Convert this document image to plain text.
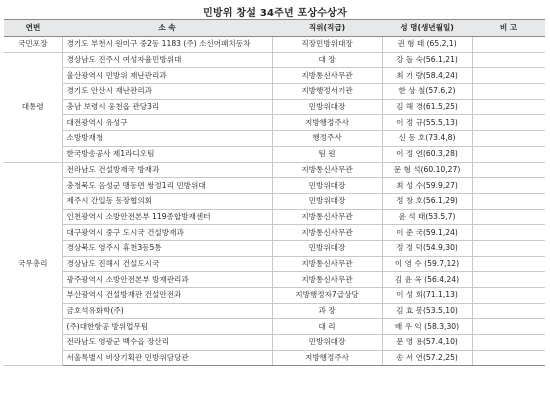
민방위 창설 34주년 포상수상자
연번	소 속	직위(직급)	성 명(생년월일)	비 고
국민포장	경기도 부천시 원미구 중2동 1183 (주) 소신어패치동차	직장민방위대장	권 형 태 (65.2,1)	
대통령	경상남도 진주시 여성자율민방위대	대 장	강 돌 숙(56.1,21)	
	울산광역시 민방위 재난관리과	지방통신사무관	최 기 량(58.4,24)	
	경기도 안산시 재난관리과	지방행정서기관	한 상 철(57.6,2)	
	충남 보령시 웅천읍 관당3리	민방위대장	김 해 경(61.5,25)	
	대전광역시 유성구	지방행정주사	이 정 규(55.5,13)	
	소방방재청	행정주사	신 동 호(73.4,8)	
	한국방송공사 제1라디오팀	팀 원	이 정 연(60.3,28)	
국무총리	전라남도 건설방재국 방재과	지방통신사무관	문 형 석(60.10,27)	
	충청북도 음성군 맹동면 쌍정1리 민방위대	민방위대장	최 성 수(59.9,27)	
	제주시 간입동 동장협의회	민방위대장	정 창 호(56.1,29)	
	인천광역시 소방안전본부 119종합방재센터	지방통신사무관	윤 석 태(53.5,7)	
	대구광역시 중구 도시국 건설방재과	지방통신사무관	이 준 국(59.1,24)	
	경상북도 영주시 휴천3동5통	민방위대장	정 정 덕(54.9,30)	
	경상남도 진해시 건설도시국	지방통신사무관	이 영 수 (59.7,12)	
	광주광역시 소방안전본부 방재관리과	지방통신사무관	김 윤 옥 (56.4,24)	
	부산광역시 건설방재관 건설안전과	지방행정자7급상당	이 성 희(71.1,13)	
	금호석유화학(주)	과 장	김 효 봉(53.5,10)	
	(주)대한항공 방위업무팀	대 리	배 우 익 (58.3,30)	
	전라남도 영광군 백수읍 장산리	민방위대장	문 영 용(57.4,10)	
	서울특별시 비상기획관 민방위담당관	지방행정주사	송 서 연(57.2,25)	
